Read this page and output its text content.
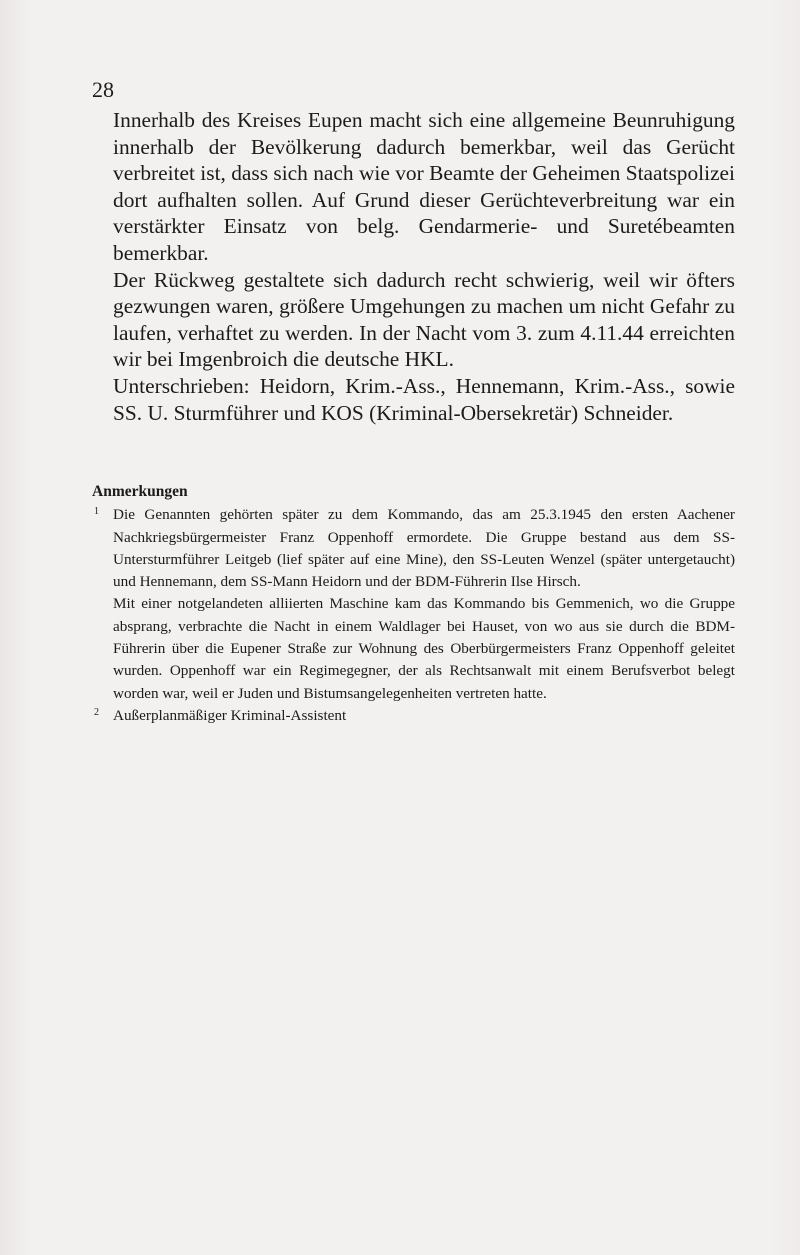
28

Innerhalb des Kreises Eupen macht sich eine allgemeine Beunruhigung innerhalb der Bevölkerung dadurch bemerkbar, weil das Gerücht verbreitet ist, dass sich nach wie vor Beamte der Geheimen Staatspolizei dort aufhalten sollen. Auf Grund dieser Gerüchteverbreitung war ein verstärkter Einsatz von belg. Gendarmerie- und Suretébeamten bemerkbar.

Der Rückweg gestaltete sich dadurch recht schwierig, weil wir öfters gezwungen waren, größere Umgehungen zu machen um nicht Gefahr zu laufen, verhaftet zu werden. In der Nacht vom 3. zum 4.11.44 erreichten wir bei Imgenbroich die deutsche HKL.

Unterschrieben: Heidorn, Krim.-Ass., Hennemann, Krim.-Ass., sowie SS. U. Sturmführer und KOS (Kriminal-Obersekretär) Schneider.

Anmerkungen
1 Die Genannten gehörten später zu dem Kommando, das am 25.3.1945 den ersten Aachener Nachkriegsbürgermeister Franz Oppenhoff ermordete. Die Gruppe bestand aus dem SS-Untersturmführer Leitgeb (lief später auf eine Mine), den SS-Leuten Wenzel (später untergetaucht) und Hennemann, dem SS-Mann Heidorn und der BDM-Führerin Ilse Hirsch.

Mit einer notgelandeten alliierten Maschine kam das Kommando bis Gemmenich, wo die Gruppe absprang, verbrachte die Nacht in einem Waldlager bei Hauset, von wo aus sie durch die BDM-Führerin über die Eupener Straße zur Wohnung des Oberbürgermeisters Franz Oppenhoff geleitet wurden. Oppenhoff war ein Regimegegner, der als Rechtsanwalt mit einem Berufsverbot belegt worden war, weil er Juden und Bistumsangelegenheiten vertreten hatte.

2 Außerplanmäßiger Kriminal-Assistent
